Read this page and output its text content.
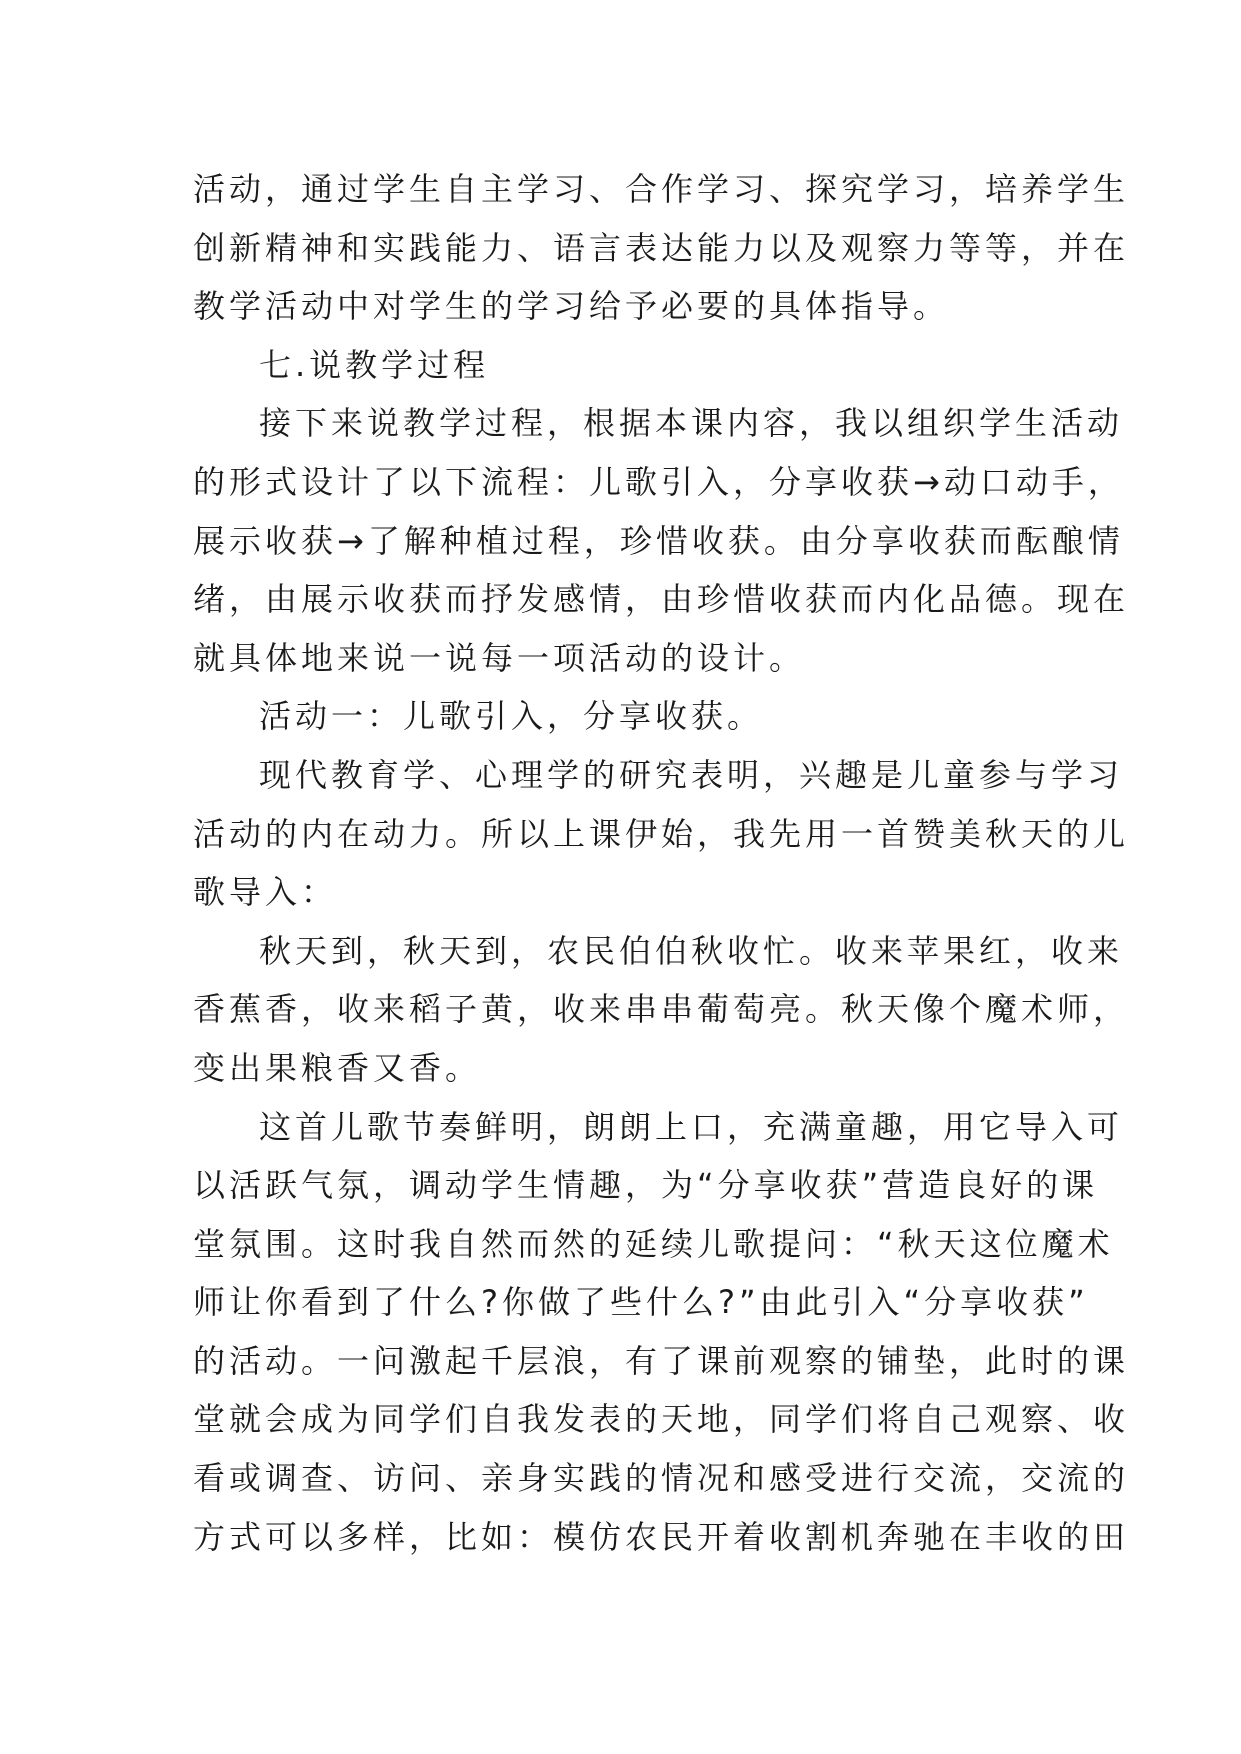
活动，通过学生自主学习、合作学习、探究学习，培养学生
创新精神和实践能力、语言表达能力以及观察力等等，并在
教学活动中对学生的学习给予必要的具体指导。
七.说教学过程
接下来说教学过程，根据本课内容，我以组织学生活动
的形式设计了以下流程：儿歌引入，分享收获→动口动手，
展示收获→了解种植过程，珍惜收获。由分享收获而酝酿情
绪，由展示收获而抒发感情，由珍惜收获而内化品德。现在
就具体地来说一说每一项活动的设计。
活动一：儿歌引入，分享收获。
现代教育学、心理学的研究表明，兴趣是儿童参与学习
活动的内在动力。所以上课伊始，我先用一首赞美秋天的儿
歌导入：
秋天到，秋天到，农民伯伯秋收忙。收来苹果红，收来
香蕉香，收来稻子黄，收来串串葡萄亮。秋天像个魔术师，
变出果粮香又香。
这首儿歌节奏鲜明，朗朗上口，充满童趣，用它导入可
以活跃气氛，调动学生情趣，为“分享收获”营造良好的课
堂氛围。这时我自然而然的延续儿歌提问：“秋天这位魔术
师让你看到了什么?你做了些什么?”由此引入“分享收获”
的活动。一问激起千层浪，有了课前观察的铺垫，此时的课
堂就会成为同学们自我发表的天地，同学们将自己观察、收
看或调查、访问、亲身实践的情况和感受进行交流，交流的
方式可以多样，比如：模仿农民开着收割机奔驰在丰收的田
